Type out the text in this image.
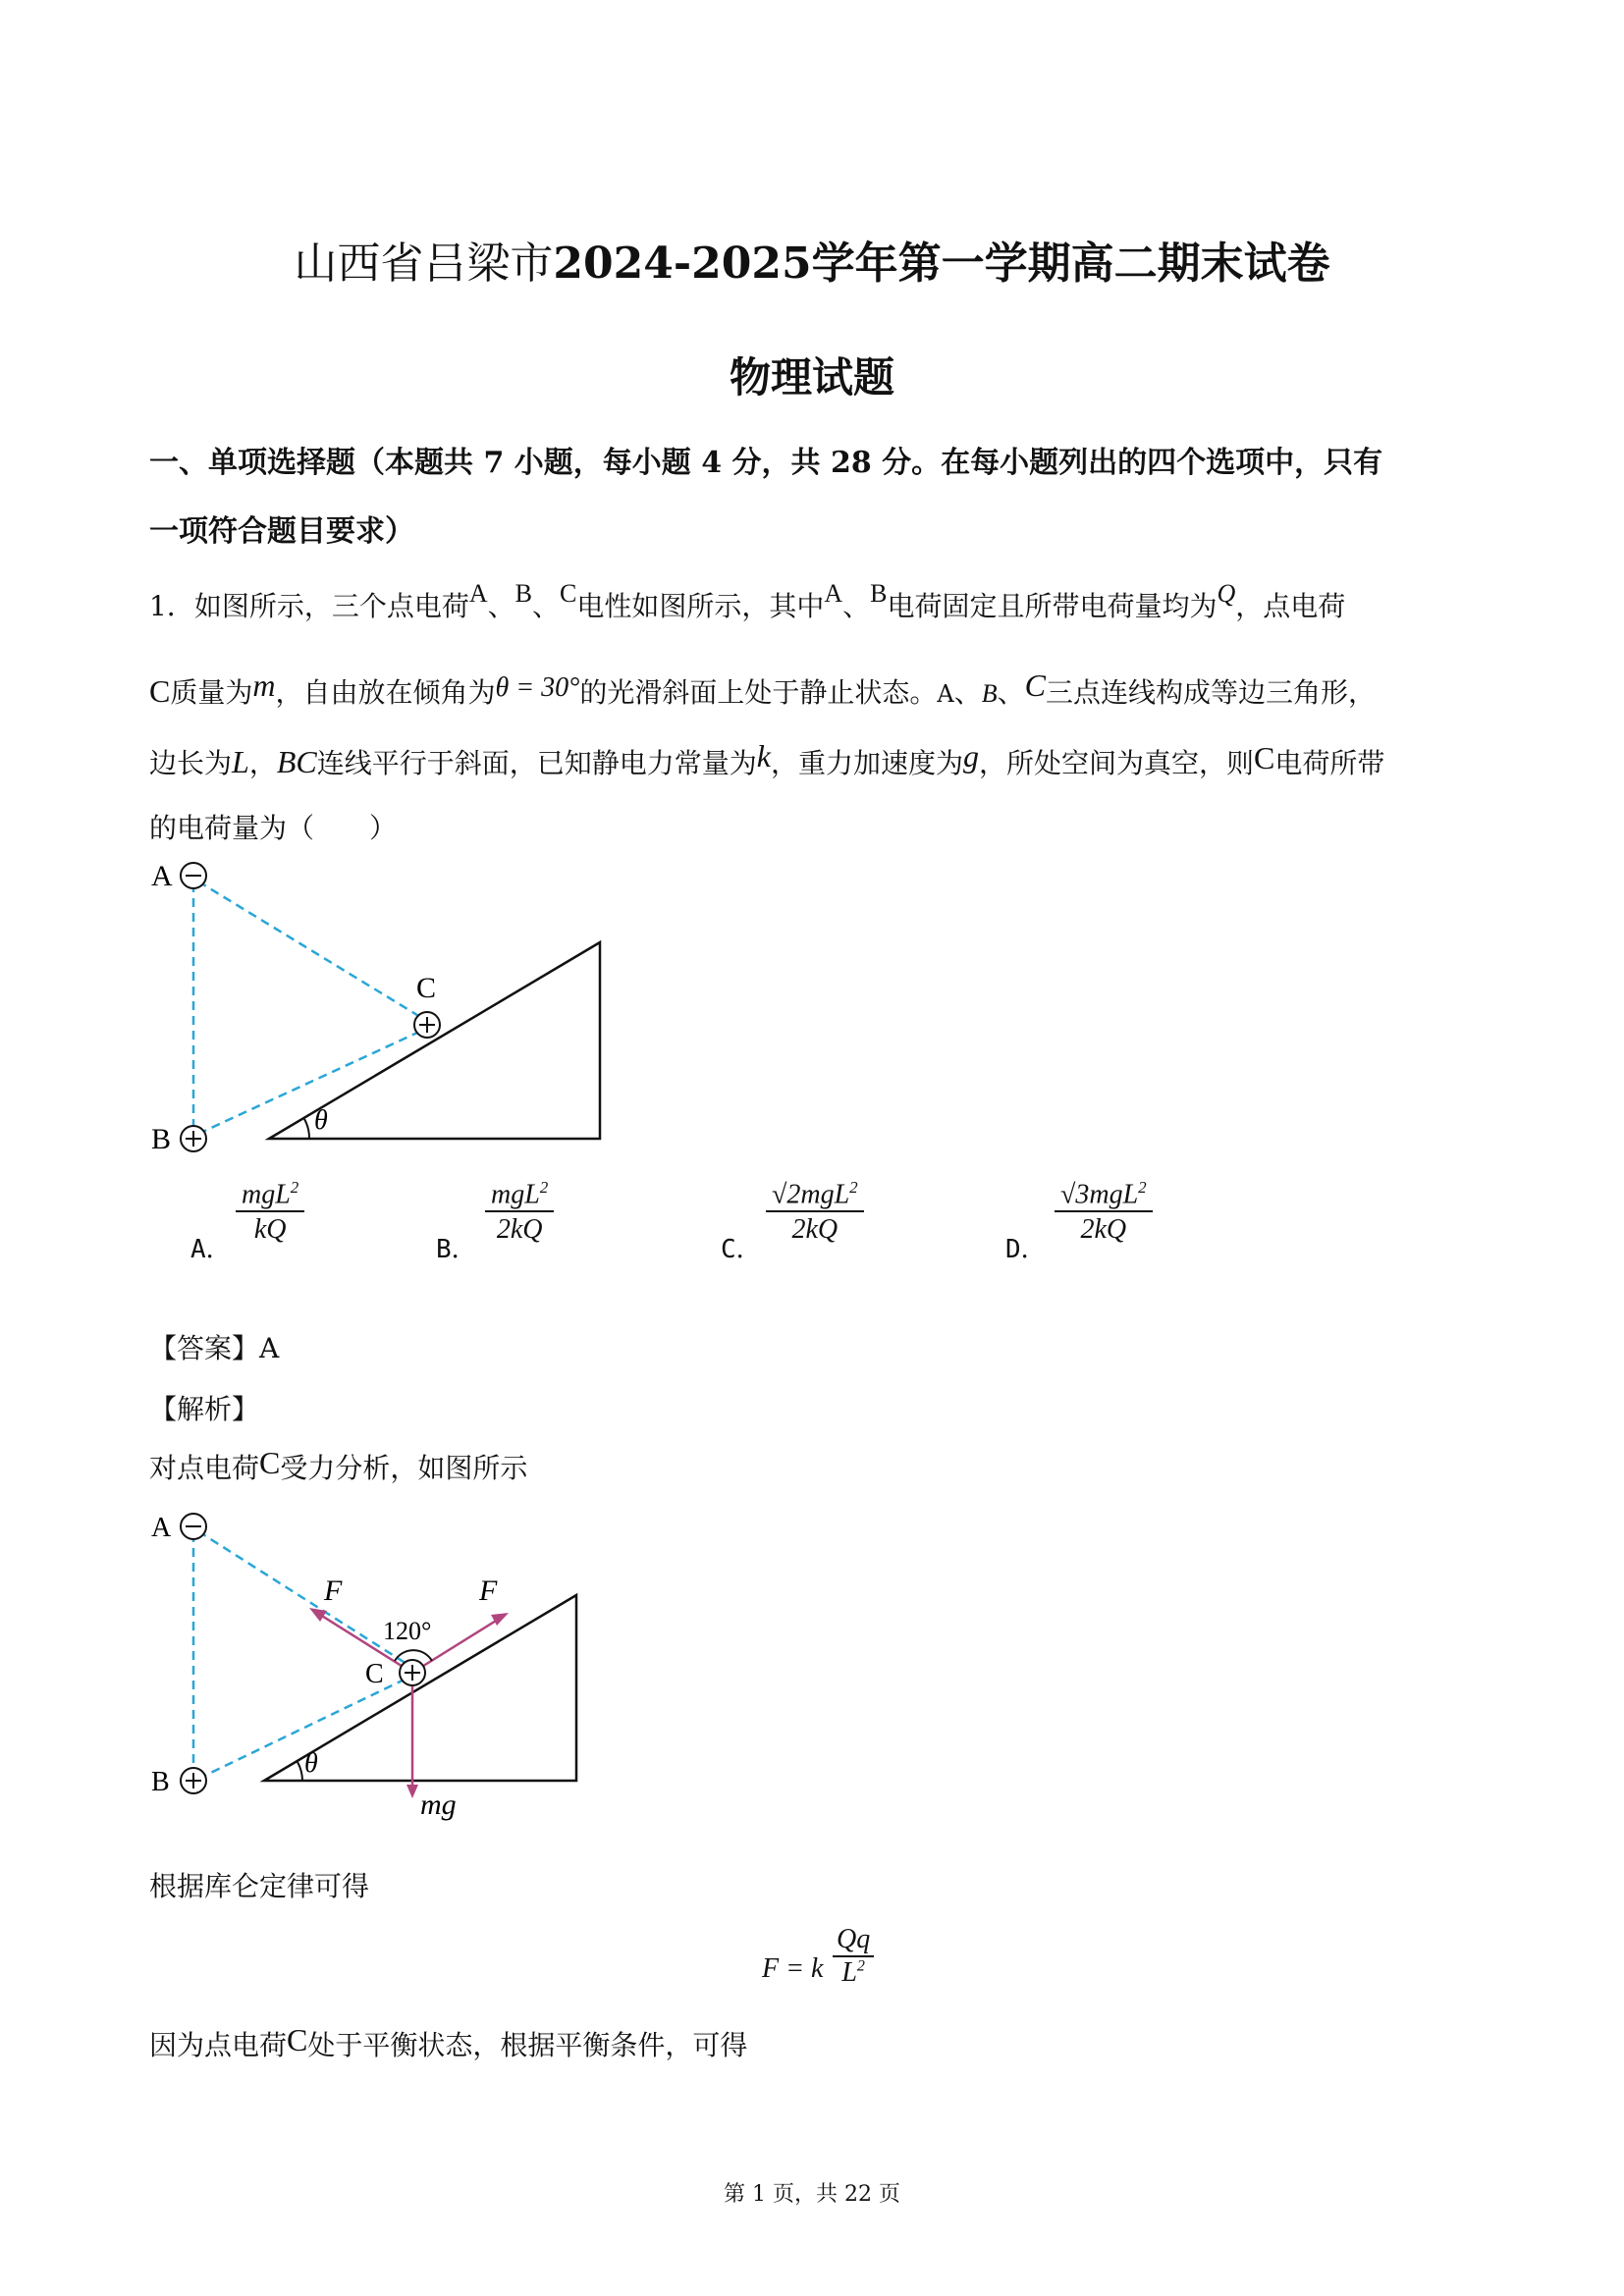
山西省吕梁市2024-2025学年第一学期高二期末试卷
物理试题
一、单项选择题（本题共 7 小题，每小题 4 分，共 28 分。在每小题列出的四个选项中，只有
一项符合题目要求）
1．如图所示，三个点电荷A、B、C电性如图所示，其中A、B电荷固定且所带电荷量均为Q，点电荷
C质量为m，自由放在倾角为θ = 30°的光滑斜面上处于静止状态。A、B、C三点连线构成等边三角形，
边长为L，BC连线平行于斜面，已知静电力常量为k，重力加速度为g，所处空间为真空，则C电荷所带
的电荷量为（　　）
θ
A
B
C
A．
mgL$^2$
kQ
B．
mgL$^2$
2kQ
C．
√2mgL$^2$
2kQ
D．
√3mgL$^2$
2kQ
【答案】A
【解析】
对点电荷C受力分析，如图所示
θ
F	F
120°
mg
A
B
C
根据库仑定律可得
F = k $\frac{Qq}{L^2}$
因为点电荷C处于平衡状态，根据平衡条件，可得
第 1 页，共 22 页
